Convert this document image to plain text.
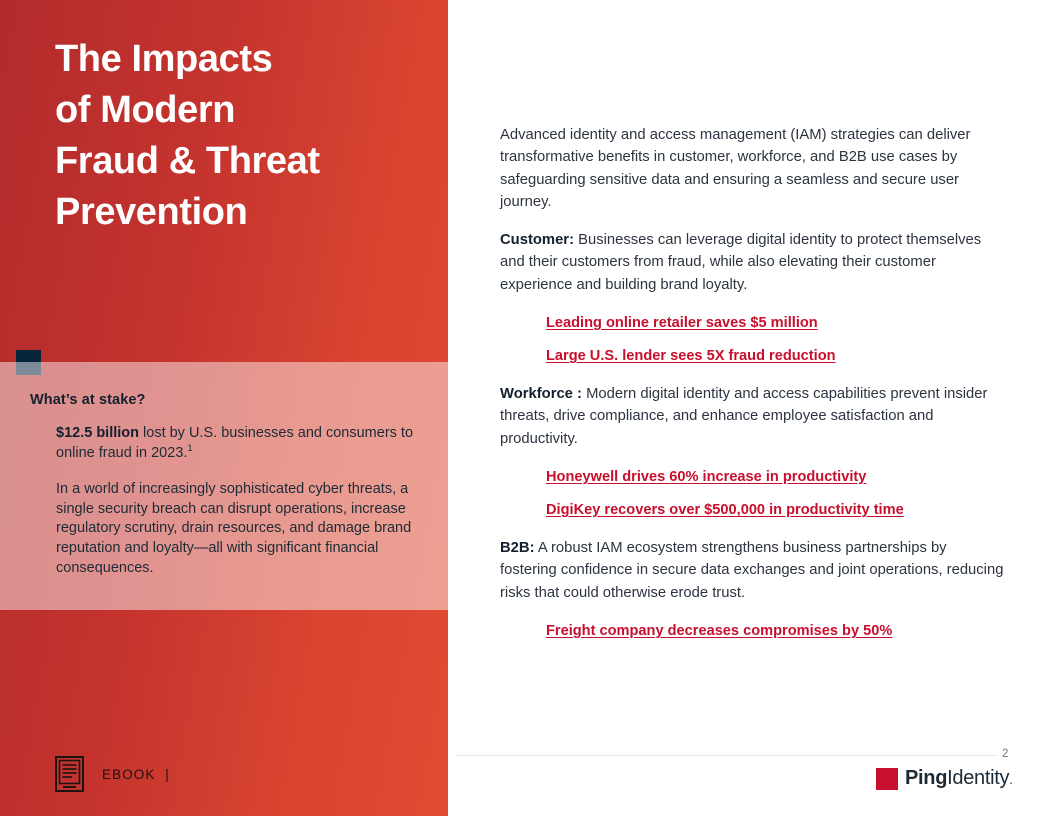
The Impacts
of Modern
Fraud & Threat
Prevention
What’s at stake?

$12.5 billion lost by U.S. businesses and consumers to online fraud in 2023.$^1$

In a world of increasingly sophisticated cyber threats, a single security breach can disrupt operations, increase regulatory scrutiny, drain resources, and damage brand reputation and loyalty—all with significant financial consequences.

EBOOK |

Advanced identity and access management (IAM) strategies can deliver transformative benefits in customer, workforce, and B2B use cases by safeguarding sensitive data and ensuring a seamless and secure user journey.

Customer: Businesses can leverage digital identity to protect themselves and their customers from fraud, while also elevating their customer experience and building brand loyalty.

Leading online retailer saves $5 million
Large U.S. lender sees 5X fraud reduction

Workforce : Modern digital identity and access capabilities prevent insider threats, drive compliance, and enhance employee satisfaction and productivity.

Honeywell drives 60% increase in productivity
DigiKey recovers over $500,000 in productivity time

B2B: A robust IAM ecosystem strengthens business partnerships by fostering confidence in secure data exchanges and joint operations, reducing risks that could otherwise erode trust.

Freight company decreases compromises by 50%
2
PingIdentity.
